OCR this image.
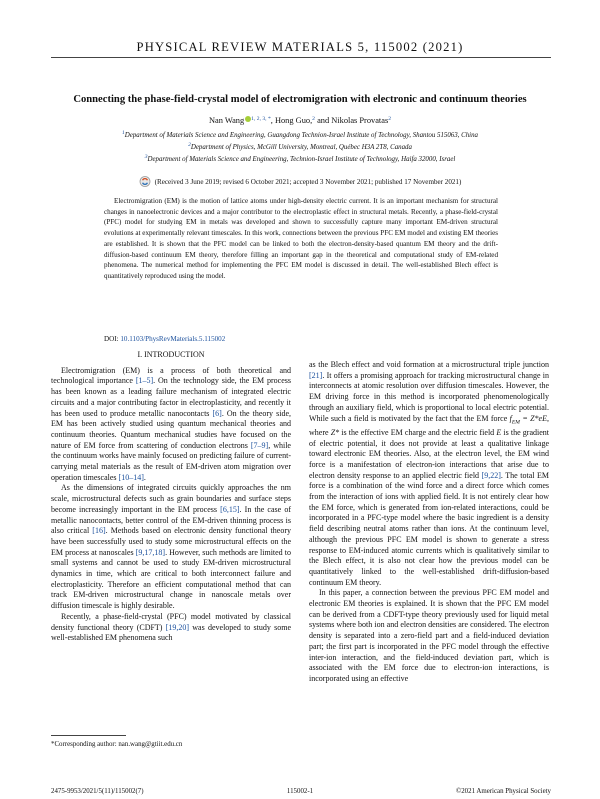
PHYSICAL REVIEW MATERIALS 5, 115002 (2021)
Connecting the phase-field-crystal model of electromigration with electronic and continuum theories
Nan Wang $^{1, 2, 3, *}$, Hong Guo,$^2$ and Nikolas Provatas$^2$
$^1$Department of Materials Science and Engineering, Guangdong Technion-Israel Institute of Technology, Shantou 515063, China
$^2$Department of Physics, McGill University, Montreal, Québec H3A 2T8, Canada
$^3$Department of Materials Science and Engineering, Technion-Israel Institute of Technology, Haifa 32000, Israel
(Received 3 June 2019; revised 6 October 2021; accepted 3 November 2021; published 17 November 2021)
Electromigration (EM) is the motion of lattice atoms under high-density electric current. It is an important mechanism for structural changes in nanoelectronic devices and a major contributor to the electroplastic effect in structural metals. Recently, a phase-field-crystal (PFC) model for studying EM in metals was developed and shown to successfully capture many important EM-driven structural evolutions at experimentally relevant timescales. In this work, connections between the previous PFC EM model and existing EM theories are established. It is shown that the PFC model can be linked to both the electron-density-based quantum EM theory and the drift-diffusion-based continuum EM theory, therefore filling an important gap in the theoretical and computational study of EM-related phenomena. The numerical method for implementing the PFC EM model is discussed in detail. The well-established Blech effect is quantitatively reproduced using the model.
DOI: 10.1103/PhysRevMaterials.5.115002

I. INTRODUCTION

Electromigration (EM) is a process of both theoretical and technological importance [1–5]. On the technology side, the EM process has been known as a leading failure mechanism of integrated electric circuits and a major contributing factor in electroplasticity, and recently it has been used to produce metallic nanocontacts [6]. On the theory side, EM has been actively studied using quantum mechanical theories and continuum theories. Quantum mechanical studies have focused on the nature of EM force from scattering of conduction electrons [7–9], while the continuum works have mainly focused on predicting failure of current-carrying metal materials as the result of EM-driven atom migration over operation timescales [10–14].

As the dimensions of integrated circuits quickly approaches the nm scale, microstructural defects such as grain boundaries and surface steps become increasingly important in the EM process [6,15]. In the case of metallic nanocontacts, better control of the EM-driven thinning process is also critical [16]. Methods based on electronic density functional theory have been successfully used to study some microstructural effects on the EM process at nanoscales [9,17,18]. However, such methods are limited to small systems and cannot be used to study EM-driven microstructural dynamics in time, which are critical to both interconnect failure and electroplasticity. Therefore an efficient computational method that can track EM-driven microstructural change in nanoscale metals over diffusion timescale is highly desirable.

Recently, a phase-field-crystal (PFC) model motivated by classical density functional theory (CDFT) [19,20] was developed to study some well-established EM phenomena such

as the Blech effect and void formation at a microstructural triple junction [21]. It offers a promising approach for tracking microstructural change in interconnects at atomic resolution over diffusion timescales. However, the EM driving force in this method is incorporated phenomenologically through an auxiliary field, which is proportional to local electric potential. While such a field is motivated by the fact that the EM force $f_{EM} = Z*eE$, where Z* is the effective EM charge and the electric field E is the gradient of electric potential, it does not provide at least a qualitative linkage toward electronic EM theories. Also, at the electron level, the EM wind force is a manifestation of electron-ion interactions that arise due to electron density response to an applied electric field [9,22]. The total EM force is a combination of the wind force and a direct force which comes from the interaction of ions with applied field. It is not entirely clear how the EM force, which is generated from ion-related interactions, could be incorporated in a PFC-type model where the basic ingredient is a density field describing neutral atoms rather than ions. At the continuum level, although the previous PFC EM model is shown to generate a stress response to EM-induced atomic currents which is qualitatively similar to the Blech effect, it is also not clear how the previous model can be quantitatively linked to the well-established drift-diffusion-based continuum EM theory.

In this paper, a connection between the previous PFC EM model and electronic EM theories is explained. It is shown that the PFC EM model can be derived from a CDFT-type theory previously used for liquid metal systems where both ion and electron densities are considered. The electron density is separated into a zero-field part and a field-induced deviation part; the first part is incorporated in the PFC model through the effective inter-ion interaction, and the field-induced deviation part, which is associated with the EM force due to electron-ion interactions, is incorporated using an effective

*Corresponding author: nan.wang@gtiit.edu.cn
2475-9953/2021/5(11)/115002(7)	115002-1	©2021 American Physical Society
